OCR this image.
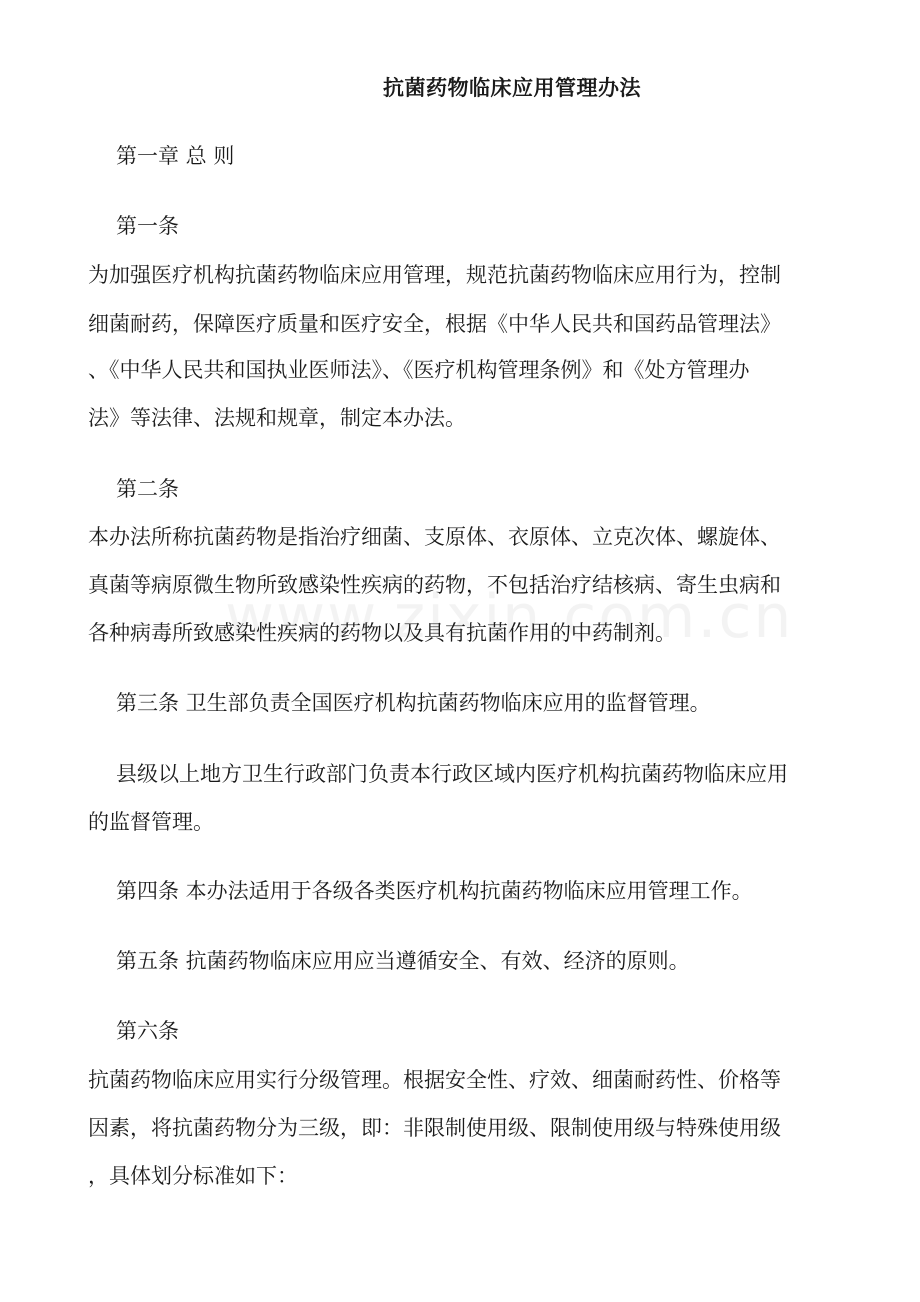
抗菌药物临床应用管理办法

第一章 总 则

第一条

为加强医疗机构抗菌药物临床应用管理，规范抗菌药物临床应用行为，控制

细菌耐药，保障医疗质量和医疗安全，根据《中华人民共和国药品管理法》

、《中华人民共和国执业医师法》、《医疗机构管理条例》和《处方管理办

法》等法律、法规和规章，制定本办法。

第二条

本办法所称抗菌药物是指治疗细菌、支原体、衣原体、立克次体、螺旋体、

真菌等病原微生物所致感染性疾病的药物，不包括治疗结核病、寄生虫病和

各种病毒所致感染性疾病的药物以及具有抗菌作用的中药制剂。

第三条 卫生部负责全国医疗机构抗菌药物临床应用的监督管理。

县级以上地方卫生行政部门负责本行政区域内医疗机构抗菌药物临床应用

的监督管理。

第四条 本办法适用于各级各类医疗机构抗菌药物临床应用管理工作。

第五条 抗菌药物临床应用应当遵循安全、有效、经济的原则。

第六条

抗菌药物临床应用实行分级管理。根据安全性、疗效、细菌耐药性、价格等

因素，将抗菌药物分为三级，即：非限制使用级、限制使用级与特殊使用级

，具体划分标准如下：
